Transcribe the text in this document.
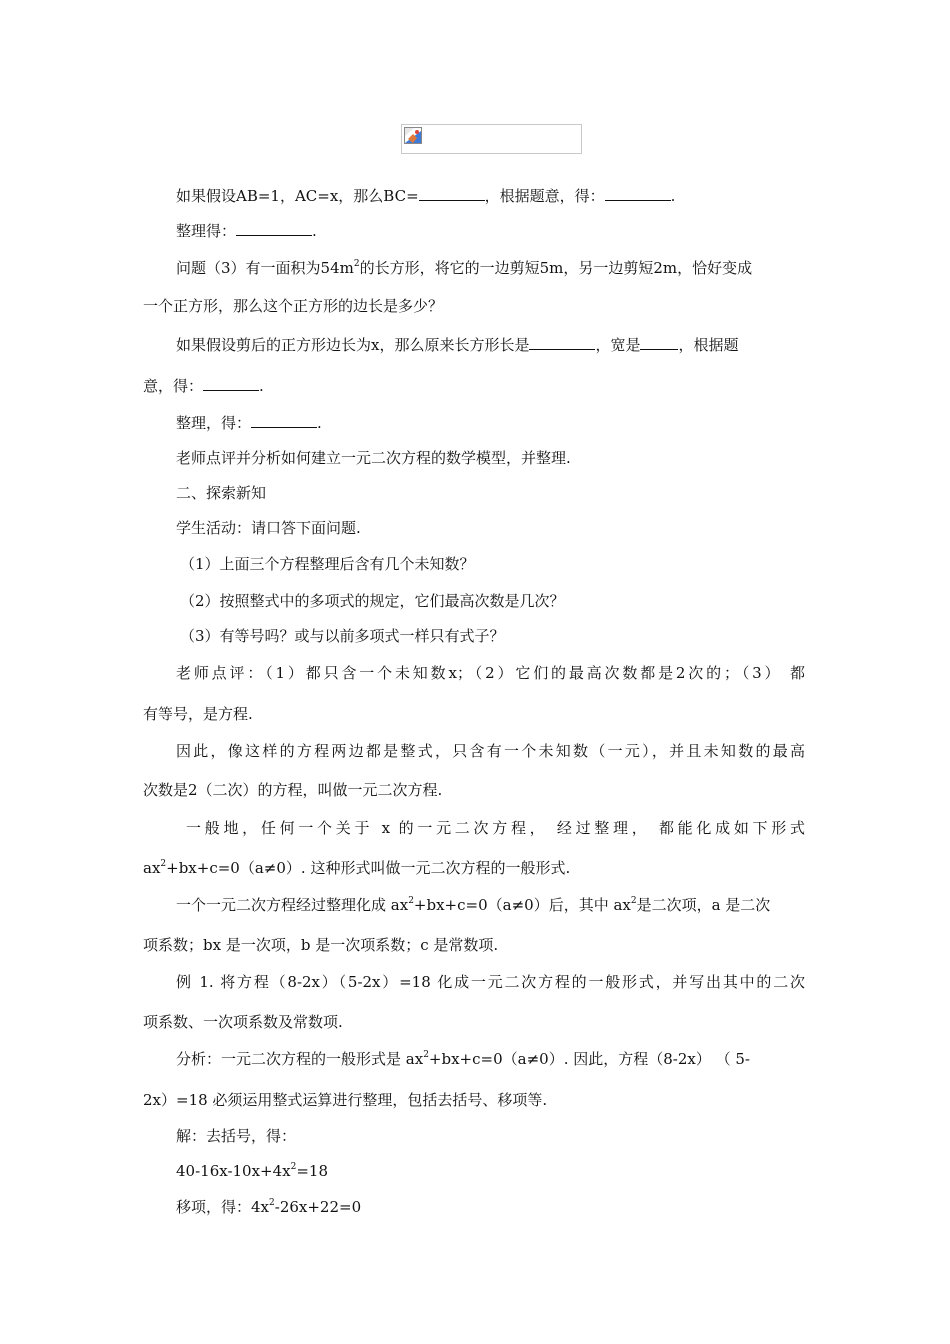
如果假设AB=1，AC=x，那么BC=	，根据题意，得：	.
整理得：	.
问题（3）有一面积为$54m^2$的长方形，将它的一边剪短5m，另一边剪短2m，恰好变成
一个正方形，那么这个正方形的边长是多少？
如果假设剪后的正方形边长为x，那么原来长方形长是	，宽是	，根据题
意，得：	.
整理，得：	.
老师点评并分析如何建立一元二次方程的数学模型，并整理.
二、探索新知
学生活动：请口答下面问题.
（1）上面三个方程整理后含有几个未知数？
（2）按照整式中的多项式的规定，它们最高次数是几次？
（3）有等号吗？或与以前多项式一样只有式子？
老师点评：（1）都只含一个未知数x；（2）它们的最高次数都是2次的；（3） 都
有等号，是方程.
因此，像这样的方程两边都是整式，只含有一个未知数（一元），并且未知数的最高
次数是2（二次）的方程，叫做一元二次方程.
一般地，任何一个关于 x 的一元二次方程， 经过整理， 都能化成如下形式
$ax^2+bx+c=0(a\ne 0)$. 这种形式叫做一元二次方程的一般形式.
一个一元二次方程经过整理化成 $ax^2+bx+c=0(a\ne 0)$后，其中 $ax^2$是二次项，a 是二次
项系数；bx 是一次项，b 是一次项系数；c 是常数项.
例 1. 将方程（8-2x）（5-2x）=18 化成一元二次方程的一般形式，并写出其中的二次
项系数、一次项系数及常数项.
分析：一元二次方程的一般形式是 $ax^2+bx+c=0(a\ne 0)$. 因此，方程（8-2x） （ 5-
2x）=18 必须运用整式运算进行整理，包括去括号、移项等.
解：去括号，得：
$40-16x-10x+4x^2=18$
移项，得：$4x^2-26x+22=0$
